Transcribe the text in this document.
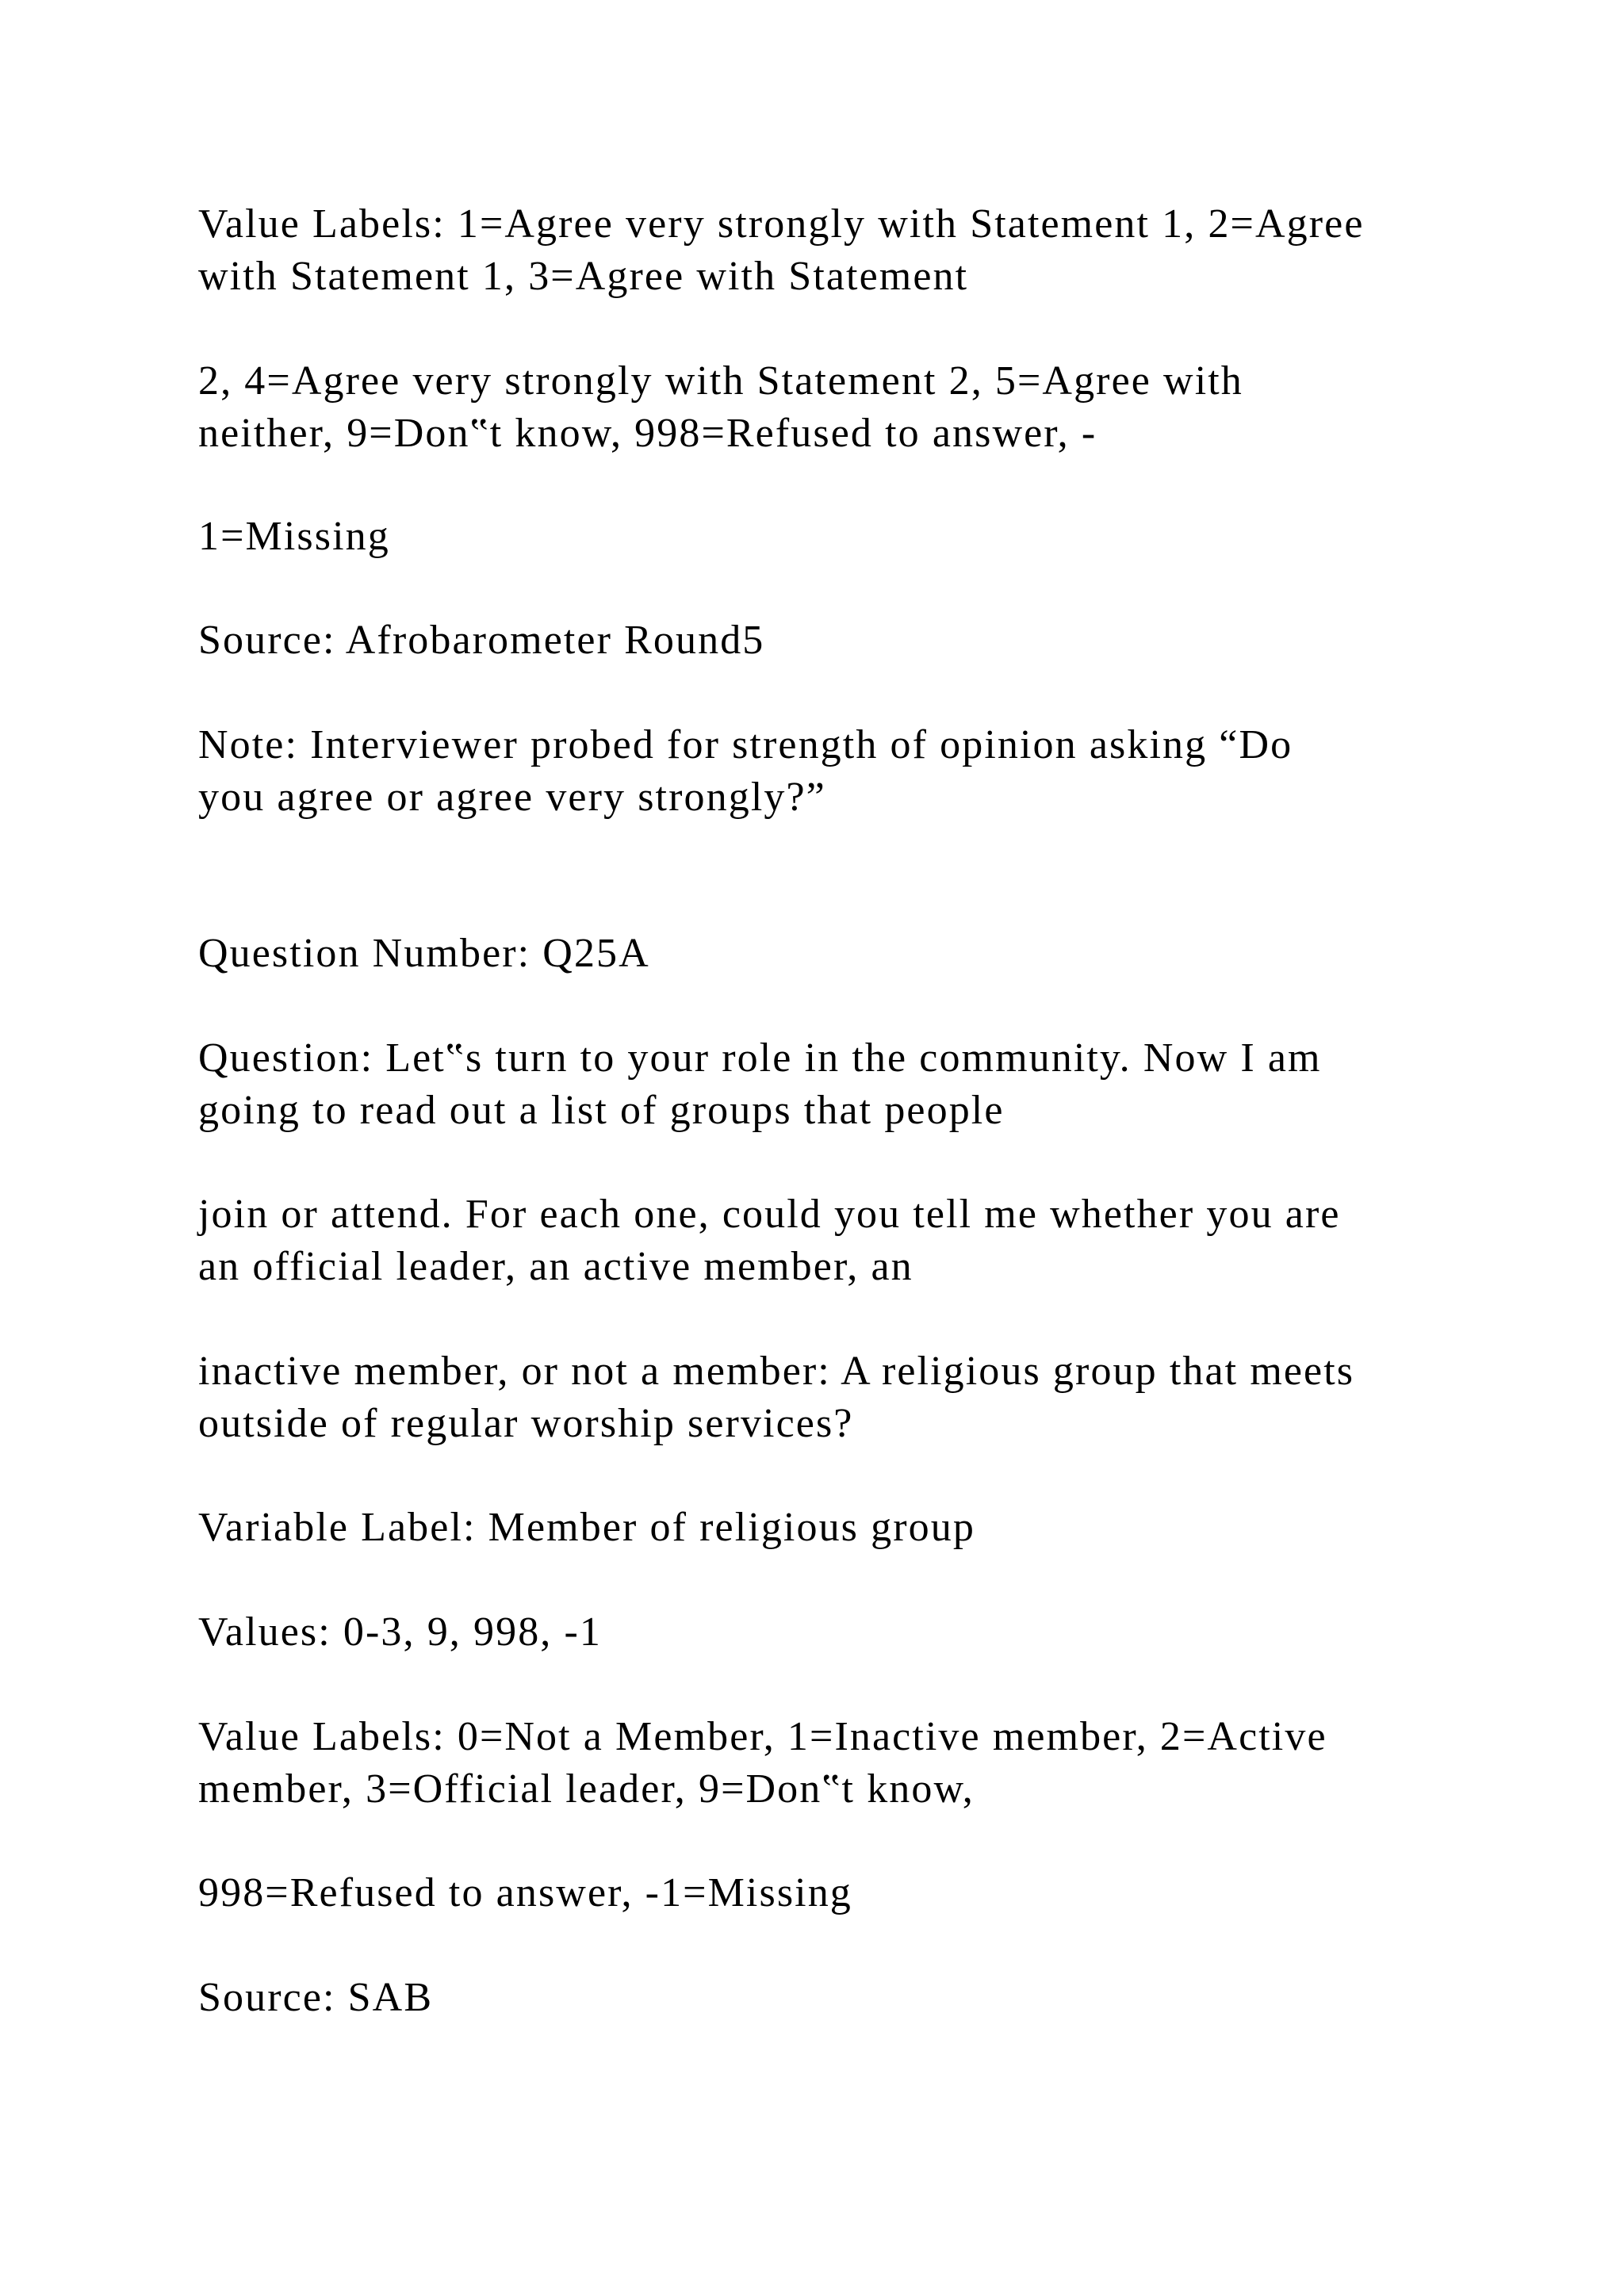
Value Labels: 1=Agree very strongly with Statement 1, 2=Agree
with Statement 1, 3=Agree with Statement

2, 4=Agree very strongly with Statement 2, 5=Agree with
neither, 9=Don‟t know, 998=Refused to answer, -

1=Missing

Source: Afrobarometer Round5

Note: Interviewer probed for strength of opinion asking “Do
you agree or agree very strongly?”

Question Number: Q25A

Question: Let‟s turn to your role in the community. Now I am
going to read out a list of groups that people

join or attend. For each one, could you tell me whether you are
an official leader, an active member, an

inactive member, or not a member: A religious group that meets
outside of regular worship services?

Variable Label: Member of religious group

Values: 0-3, 9, 998, -1

Value Labels: 0=Not a Member, 1=Inactive member, 2=Active
member, 3=Official leader, 9=Don‟t know,

998=Refused to answer, -1=Missing

Source: SAB
